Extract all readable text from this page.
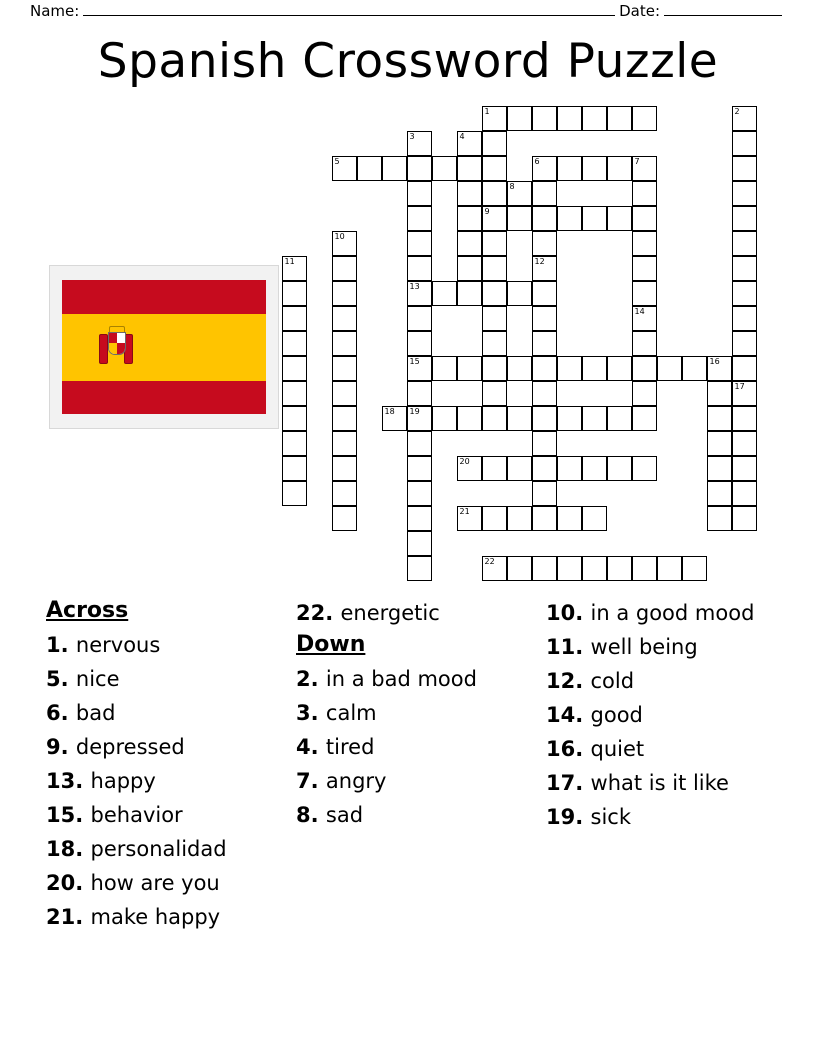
Name:	Date:
Spanish Crossword Puzzle
1	2
3	4
5	6	7
8
9
10
11	12
13
14
15	16
17
18 19
20
21
22
Across
1. nervous
5. nice
6. bad
9. depressed
13. happy
15. behavior
18. personalidad
20. how are you
21. make happy
22. energetic
Down
2. in a bad mood
3. calm
4. tired
7. angry
8. sad
10. in a good mood
11. well being
12. cold
14. good
16. quiet
17. what is it like
19. sick
